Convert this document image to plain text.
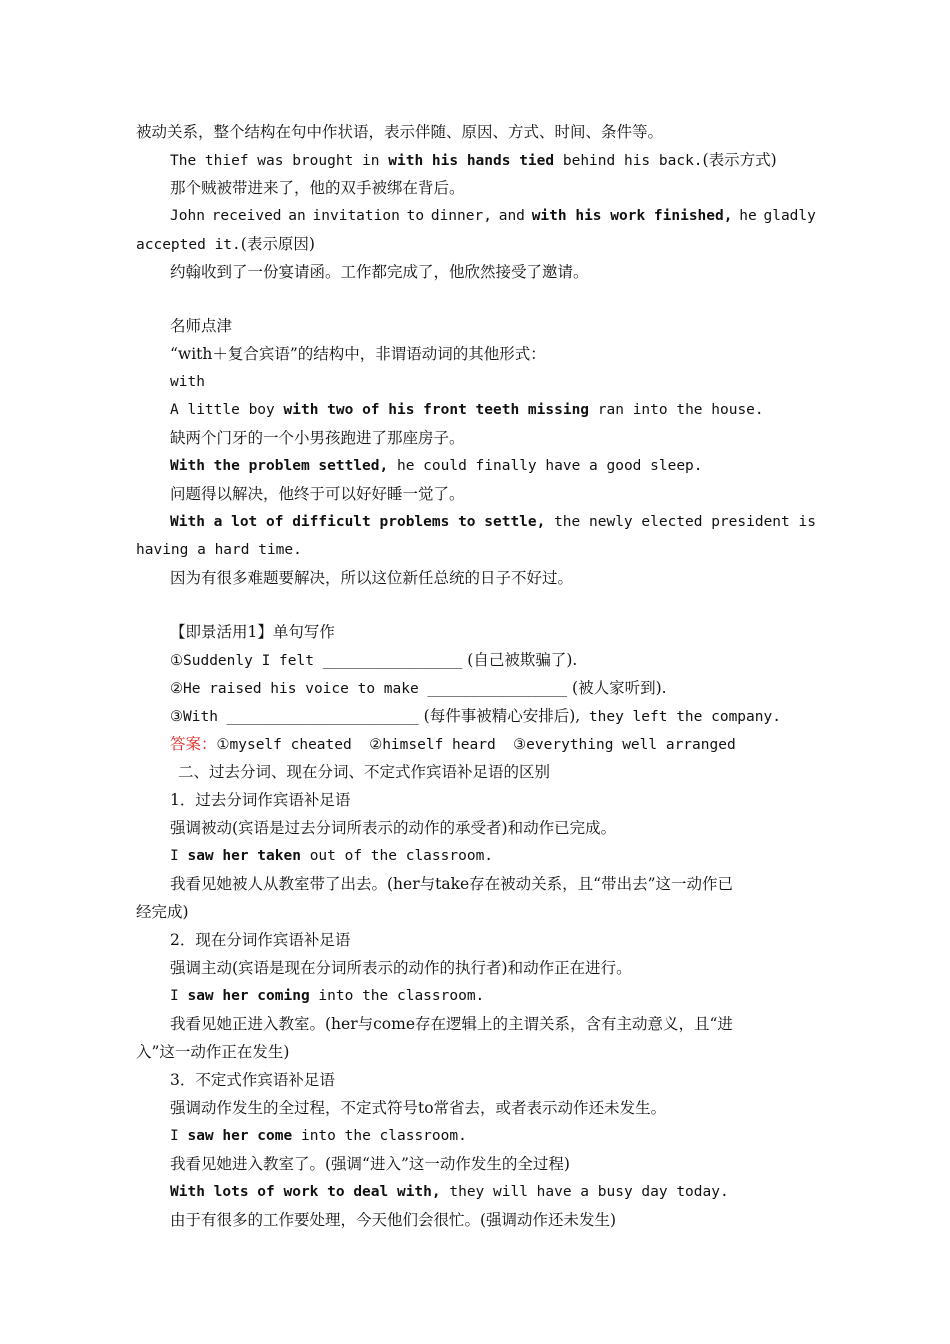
被动关系，整个结构在句中作状语，表示伴随、原因、方式、时间、条件等。
The thief was brought in with his hands tied behind his back.(表示方式)
那个贼被带进来了，他的双手被绑在背后。
John received an invitation to dinner, and with his work finished, he gladly
accepted it.(表示原因)
约翰收到了一份宴请函。工作都完成了，他欣然接受了邀请。
名师点津
“with＋复合宾语”的结构中，非谓语动词的其他形式：
with
A little boy with two of his front teeth missing ran into the house.
缺两个门牙的一个小男孩跑进了那座房子。
With the problem settled, he could finally have a good sleep.
问题得以解决，他终于可以好好睡一觉了。
With a lot of difficult problems to settle, the newly elected president is
having a hard time.
因为有很多难题要解决，所以这位新任总统的日子不好过。
【即景活用1】单句写作
①Suddenly I felt ________________ (自己被欺骗了).
②He raised his voice to make ________________ (被人家听到).
③With ______________________ (每件事被精心安排后), they left the company.
答案：①myself cheated ②himself heard ③everything well arranged
二、过去分词、现在分词、不定式作宾语补足语的区别
1．过去分词作宾语补足语
强调被动(宾语是过去分词所表示的动作的承受者)和动作已完成。
I saw her taken out of the classroom.
我看见她被人从教室带了出去。(her与take存在被动关系，且“带出去”这一动作已
经完成)
2．现在分词作宾语补足语
强调主动(宾语是现在分词所表示的动作的执行者)和动作正在进行。
I saw her coming into the classroom.
我看见她正进入教室。(her与come存在逻辑上的主谓关系，含有主动意义，且“进
入”这一动作正在发生)
3．不定式作宾语补足语
强调动作发生的全过程，不定式符号to常省去，或者表示动作还未发生。
I saw her come into the classroom.
我看见她进入教室了。(强调“进入”这一动作发生的全过程)
With lots of work to deal with, they will have a busy day today.
由于有很多的工作要处理，今天他们会很忙。(强调动作还未发生)
